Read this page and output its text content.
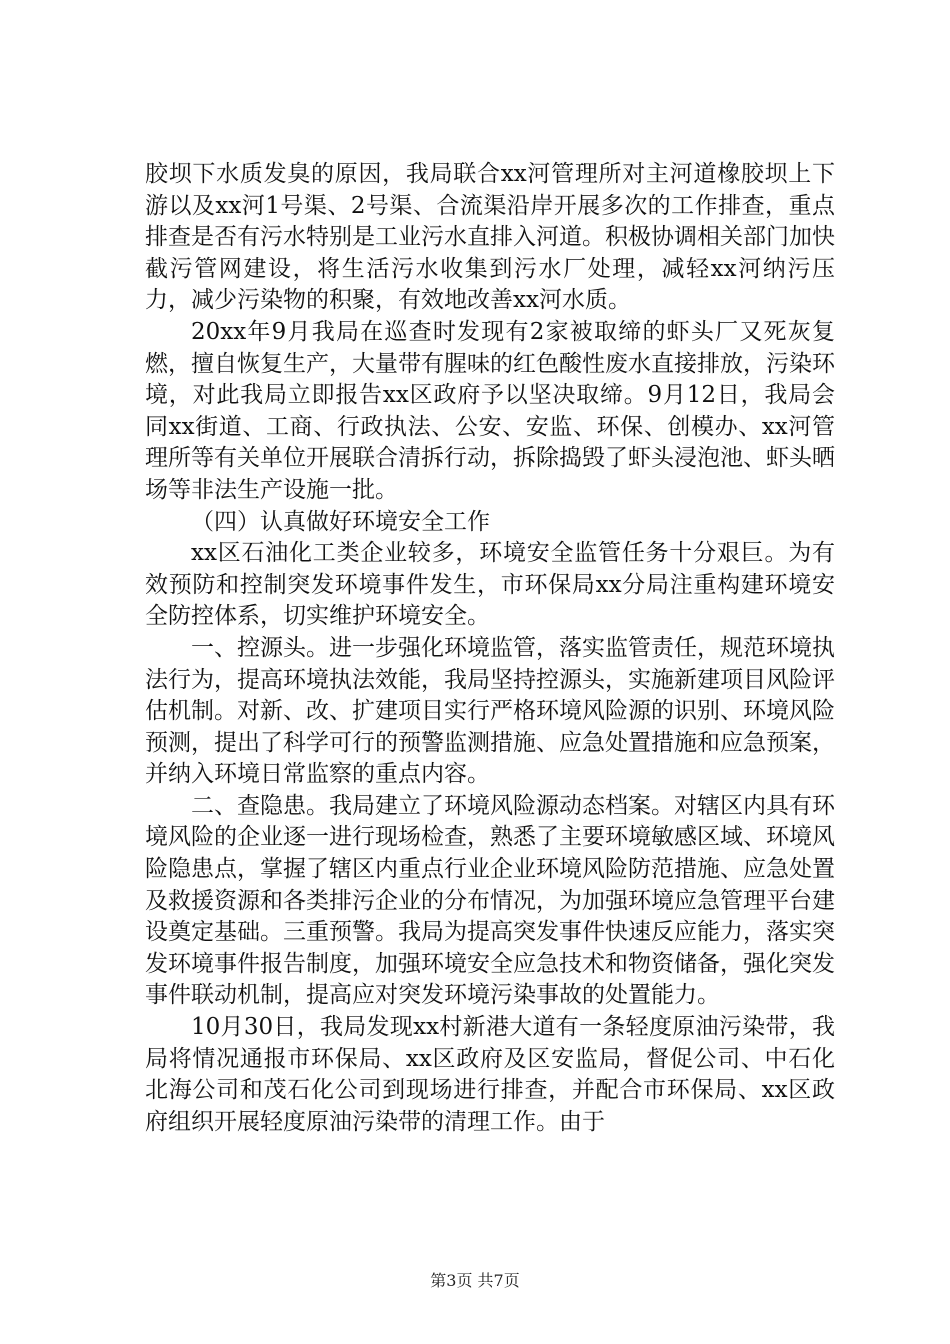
胶坝下水质发臭的原因，我局联合xx河管理所对主河道橡胶坝上下游以及xx河1号渠、2号渠、合流渠沿岸开展多次的工作排查，重点排查是否有污水特别是工业污水直排入河道。积极协调相关部门加快截污管网建设，将生活污水收集到污水厂处理，减轻xx河纳污压力，减少污染物的积聚，有效地改善xx河水质。

20xx年9月我局在巡查时发现有2家被取缔的虾头厂又死灰复燃，擅自恢复生产，大量带有腥味的红色酸性废水直接排放，污染环境，对此我局立即报告xx区政府予以坚决取缔。9月12日，我局会同xx街道、工商、行政执法、公安、安监、环保、创模办、xx河管理所等有关单位开展联合清拆行动，拆除捣毁了虾头浸泡池、虾头晒场等非法生产设施一批。

（四）认真做好环境安全工作

xx区石油化工类企业较多，环境安全监管任务十分艰巨。为有效预防和控制突发环境事件发生，市环保局xx分局注重构建环境安全防控体系，切实维护环境安全。

一、控源头。进一步强化环境监管，落实监管责任，规范环境执法行为，提高环境执法效能，我局坚持控源头，实施新建项目风险评估机制。对新、改、扩建项目实行严格环境风险源的识别、环境风险预测，提出了科学可行的预警监测措施、应急处置措施和应急预案，并纳入环境日常监察的重点内容。

二、查隐患。我局建立了环境风险源动态档案。对辖区内具有环境风险的企业逐一进行现场检查，熟悉了主要环境敏感区域、环境风险隐患点，掌握了辖区内重点行业企业环境风险防范措施、应急处置及救援资源和各类排污企业的分布情况，为加强环境应急管理平台建设奠定基础。三重预警。我局为提高突发事件快速反应能力，落实突发环境事件报告制度，加强环境安全应急技术和物资储备，强化突发事件联动机制，提高应对突发环境污染事故的处置能力。

10月30日，我局发现xx村新港大道有一条轻度原油污染带，我局将情况通报市环保局、xx区政府及区安监局，督促公司、中石化北海公司和茂石化公司到现场进行排查，并配合市环保局、xx区政府组织开展轻度原油污染带的清理工作。由于

第3页 共7页
